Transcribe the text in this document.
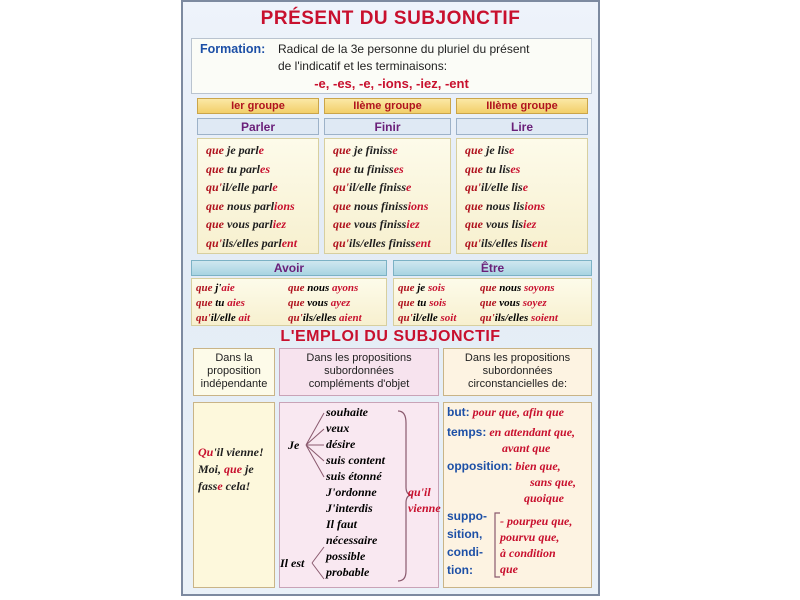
PRÉSENT DU SUBJONCTIF
Formation: Radical de la 3e personne du pluriel du présent
de l'indicatif et les terminaisons:
-e, -es, -e, -ions, -iez, -ent
Ier groupe	IIème groupe	IIIème groupe
Parler	Finir	Lire
que je parle
que tu parles
qu'il/elle parle
que nous parlions
que vous parliez
qu'ils/elles parlent
que je finisse
que tu finisses
qu'il/elle finisse
que nous finissions
que vous finissiez
qu'ils/elles finissent
que je lise
que tu lises
qu'il/elle lise
que nous lisions
que vous lisiez
qu'ils/elles lisent
Avoir	Être
que j'aie
que tu aies
qu'il/elle ait
que nous ayons
que vous ayez
qu'ils/elles aient
que je sois
que tu sois
qu'il/elle soit
que nous soyons
que vous soyez
qu'ils/elles soient
L'EMPLOI DU SUBJONCTIF
Dans la
proposition
indépendante
Dans les propositions
subordonnées
compléments d'objet
Dans les propositions
subordonnées
circonstancielles de:
Qu'il vienne!
Moi, que je
fasse cela!
Je
Il est
qu'il
vienne
souhaite
veux
désire
suis content
suis étonné
J'ordonne
J'interdis
Il faut
nécessaire
possible
probable
but: pour que, afin que
temps: en attendant que,
avant que
opposition: bien que,
sans que,
quoique
suppo-
sition,
condi-
tion:
- pourpeu que,
pourvu que,
à condition
que
